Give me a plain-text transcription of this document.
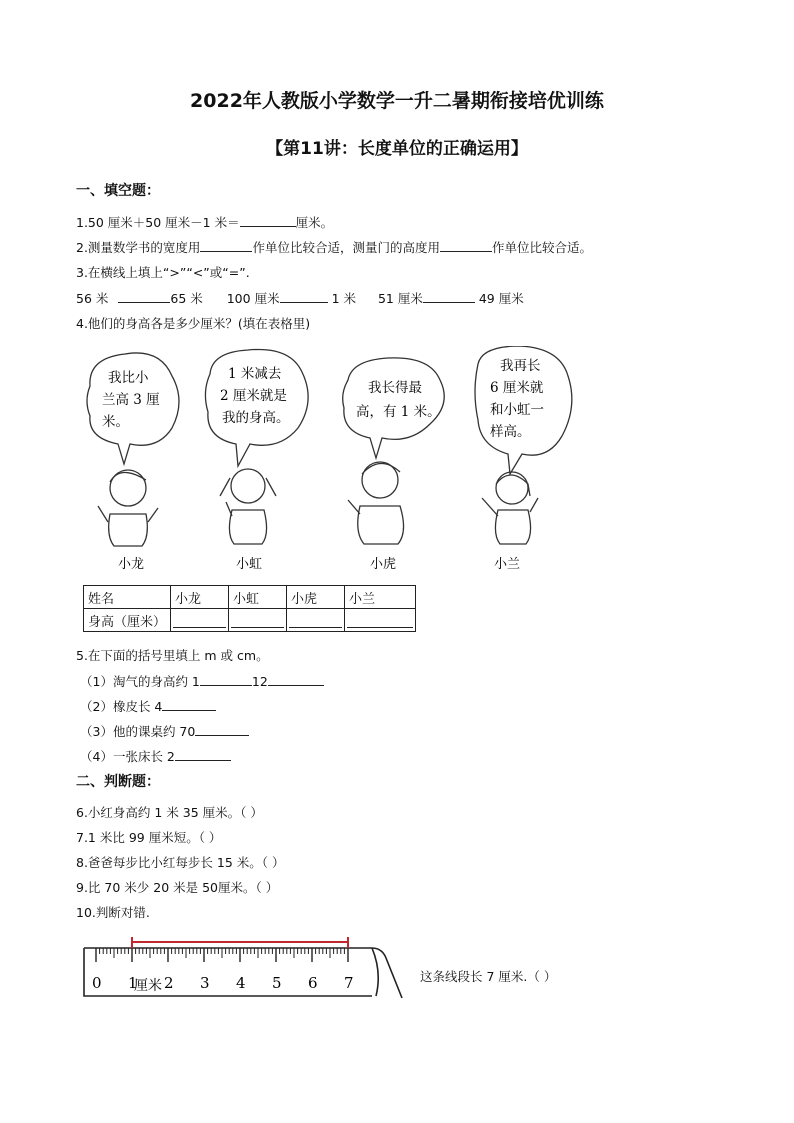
2022年人教版小学数学一升二暑期衔接培优训练
【第11讲：长度单位的正确运用】
一、填空题：
1.50 厘米＋50 厘米－1 米＝	厘米。
2.测量数学书的宽度用	作单位比较合适，测量门的高度用	作单位比较合适。
3.在横线上填上“>”“<”或“=”.
56 米	65 米 100 厘米	1 米 51 厘米	49 厘米
4.他们的身高各是多少厘米？(填在表格里)
我比小
兰高 3 厘
米。
1 米减去
2 厘米就是
我的身高。
我长得最
高，有 1 米。
我再长
6 厘米就
和小虹一
样高。
小龙	小虹	小虎	小兰
姓名	小龙	小虹	小虎	小兰
身高（厘米）	

5.在下面的括号里填上 m 或 cm。
（1）淘气的身高约 1	12
（2）橡皮长 4
（3）他的课桌约 70
（4）一张床长 2
二、判断题：
6.小红身高约 1 米 35 厘米。（ ）
7.1 米比 99 厘米短。（ ）
8.爸爸每步比小红每步长 15 米。（ ）
9.比 70 米少 20 米是 50厘米。（ ）
10.判断对错.
0 1 2 3 4 5 6 7
厘米
这条线段长 7 厘米.（ ）
